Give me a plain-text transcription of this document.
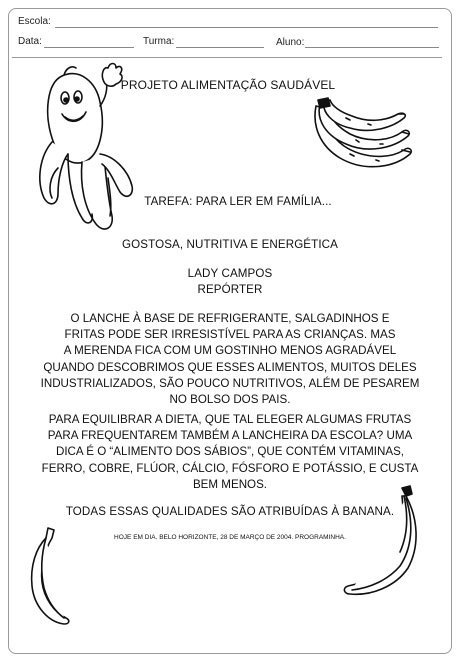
Escola:
Data:	Turma:	Aluno:
PROJETO ALIMENTAÇÃO SAUDÁVEL
TAREFA: PARA LER EM FAMÍLIA...
GOSTOSA, NUTRITIVA E ENERGÉTICA
LADY CAMPOS
REPÓRTER
O LANCHE À BASE DE REFRIGERANTE, SALGADINHOS E
FRITAS PODE SER IRRESISTÍVEL PARA AS CRIANÇAS. MAS
A MERENDA FICA COM UM GOSTINHO MENOS AGRADÁVEL
QUANDO DESCOBRIMOS QUE ESSES ALIMENTOS, MUITOS DELES
INDUSTRIALIZADOS, SÃO POUCO NUTRITIVOS, ALÉM DE PESAREM
NO BOLSO DOS PAIS.
PARA EQUILIBRAR A DIETA, QUE TAL ELEGER ALGUMAS FRUTAS
PARA FREQUENTAREM TAMBÉM A LANCHEIRA DA ESCOLA? UMA
DICA É O “ALIMENTO DOS SÁBIOS”, QUE CONTÉM VITAMINAS,
FERRO, COBRE, FLÚOR, CÁLCIO, FÓSFORO E POTÁSSIO, E CUSTA
BEM MENOS.
TODAS ESSAS QUALIDADES SÃO ATRIBUÍDAS À BANANA.
HOJE EM DIA. BELO HORIZONTE, 28 DE MARÇO DE 2004. PROGRAMINHA.
